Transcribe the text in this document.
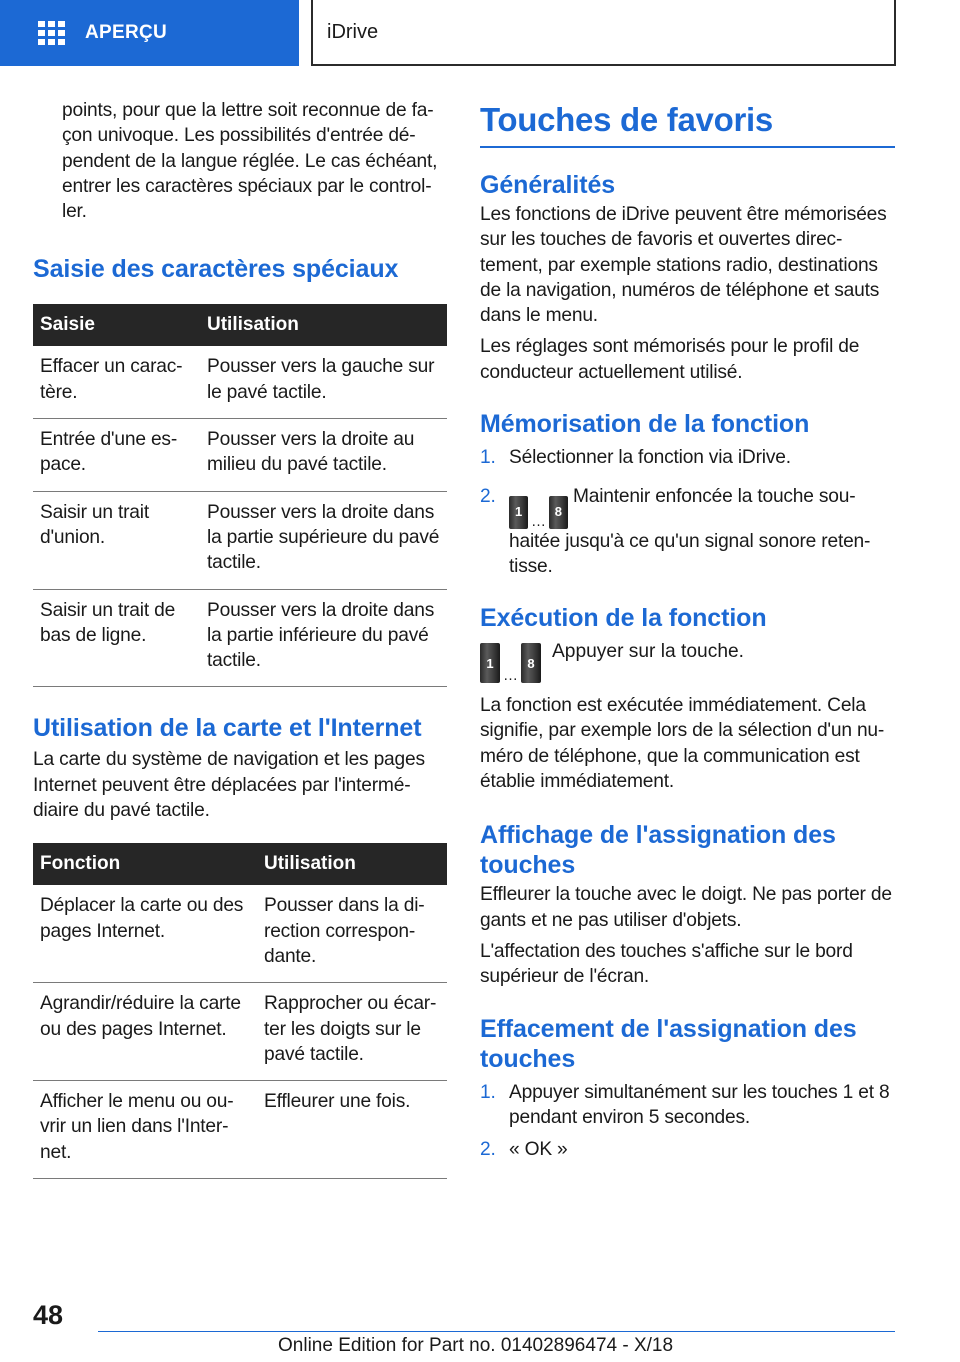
APERÇU	iDrive

points, pour que la lettre soit reconnue de façon univoque. Les possibilités d'entrée dépendent de la langue réglée. Le cas échéant, entrer les caractères spéciaux par le controller.

Saisie des caractères spéciaux
Saisie	Utilisation
Effacer un caractère.	Pousser vers la gauche sur le pavé tactile.
Entrée d'une espace.	Pousser vers la droite au milieu du pavé tactile.
Saisir un trait d'union.	Pousser vers la droite dans la partie supérieure du pavé tactile.
Saisir un trait de bas de ligne.	Pousser vers la droite dans la partie inférieure du pavé tactile.
Utilisation de la carte et l'Internet

La carte du système de navigation et les pages Internet peuvent être déplacées par l'intermédiaire du pavé tactile.

Fonction	Utilisation
Déplacer la carte ou des pages Internet.	Pousser dans la direction correspondante.
Agrandir/réduire la carte ou des pages Internet.	Rapprocher ou écarter les doigts sur le pavé tactile.
Afficher le menu ou ouvrir un lien dans l'Internet.	Effleurer une fois.
Touches de favoris
Généralités

Les fonctions de iDrive peuvent être mémorisées sur les touches de favoris et ouvertes directement, par exemple stations radio, destinations de la navigation, numéros de téléphone et sauts dans le menu.

Les réglages sont mémorisés pour le profil de conducteur actuellement utilisé.

Mémorisation de la fonction
1. Sélectionner la fonction via iDrive.
2.
1
…
8
Maintenir enfoncée la touche souhaitée jusqu'à ce qu'un signal sonore retentisse.
Exécution de la fonction
1
…
8
Appuyer sur la touche.

La fonction est exécutée immédiatement. Cela signifie, par exemple lors de la sélection d'un numéro de téléphone, que la communication est établie immédiatement.

Affichage de l'assignation des touches

Effleurer la touche avec le doigt. Ne pas porter de gants et ne pas utiliser d'objets.

L'affectation des touches s'affiche sur le bord supérieur de l'écran.

Effacement de l'assignation des touches
1. Appuyer simultanément sur les touches 1 et 8 pendant environ 5 secondes.
2. « OK »
48
Online Edition for Part no. 01402896474 - X/18
